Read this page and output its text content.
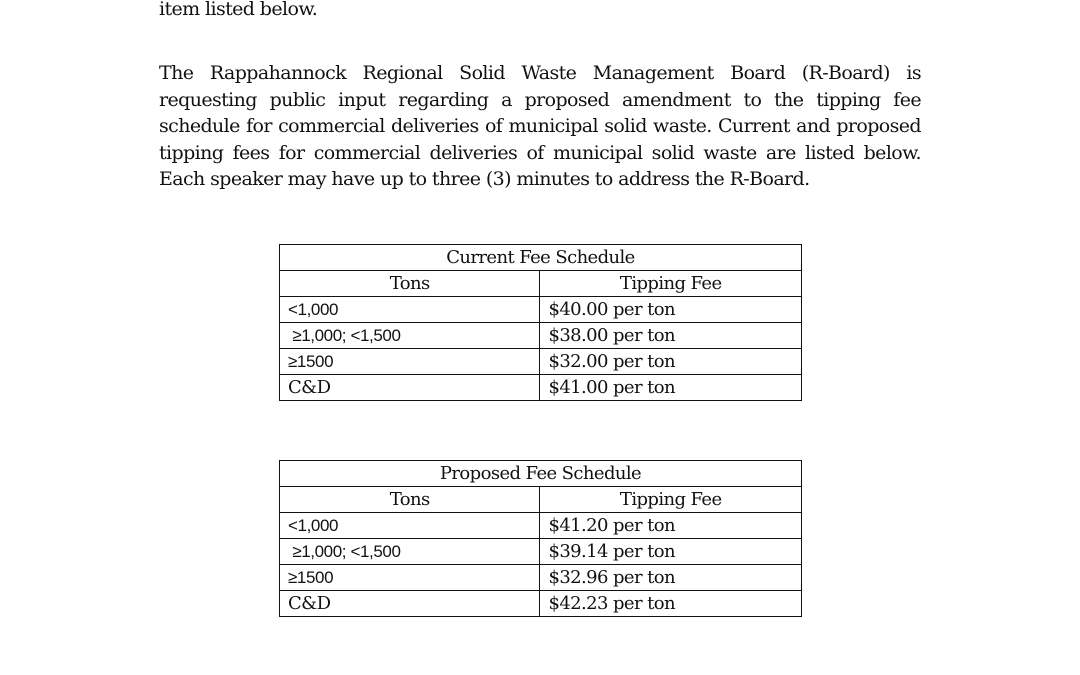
item listed below.

The Rappahannock Regional Solid Waste Management Board (R-Board) is requesting public input regarding a proposed amendment to the tipping fee schedule for commercial deliveries of municipal solid waste. Current and proposed tipping fees for commercial deliveries of municipal solid waste are listed below. Each speaker may have up to three (3) minutes to address the R-Board.

Current Fee Schedule	
Tons	Tipping Fee
<1,000	$40.00 per ton
≥1,000; <1,500	$38.00 per ton
≥1500	$32.00 per ton
C&D	$41.00 per ton
Proposed Fee Schedule	
Tons	Tipping Fee
<1,000	$41.20 per ton
≥1,000; <1,500	$39.14 per ton
≥1500	$32.96 per ton
C&D	$42.23 per ton
